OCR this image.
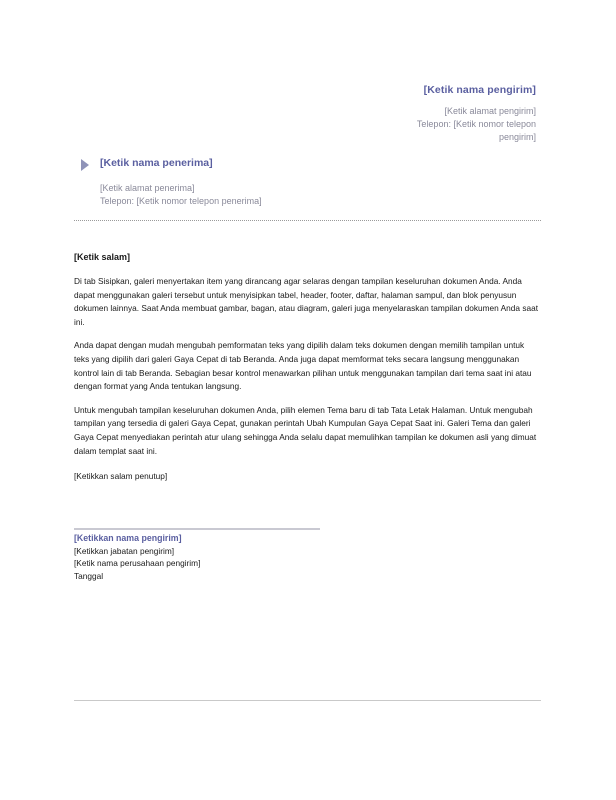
[Ketik nama pengirim]
[Ketik alamat pengirim]
Telepon: [Ketik nomor telepon
pengirim]
[Ketik nama penerima]
[Ketik alamat penerima]
Telepon: [Ketik nomor telepon penerima]
[Ketik salam]

Di tab Sisipkan, galeri menyertakan item yang dirancang agar selaras dengan tampilan keseluruhan dokumen Anda. Anda dapat menggunakan galeri tersebut untuk menyisipkan tabel, header, footer, daftar, halaman sampul, dan blok penyusun dokumen lainnya. Saat Anda membuat gambar, bagan, atau diagram, galeri juga menyelaraskan tampilan dokumen Anda saat ini.

Anda dapat dengan mudah mengubah pemformatan teks yang dipilih dalam teks dokumen dengan memilih tampilan untuk teks yang dipilih dari galeri Gaya Cepat di tab Beranda. Anda juga dapat memformat teks secara langsung menggunakan kontrol lain di tab Beranda. Sebagian besar kontrol menawarkan pilihan untuk menggunakan tampilan dari tema saat ini atau dengan format yang Anda tentukan langsung.

Untuk mengubah tampilan keseluruhan dokumen Anda, pilih elemen Tema baru di tab Tata Letak Halaman. Untuk mengubah tampilan yang tersedia di galeri Gaya Cepat, gunakan perintah Ubah Kumpulan Gaya Cepat Saat ini. Galeri Tema dan galeri Gaya Cepat menyediakan perintah atur ulang sehingga Anda selalu dapat memulihkan tampilan ke dokumen asli yang dimuat dalam templat saat ini.

[Ketikkan salam penutup]
[Ketikkan nama pengirim]
[Ketikkan jabatan pengirim]
[Ketik nama perusahaan pengirim]
Tanggal
